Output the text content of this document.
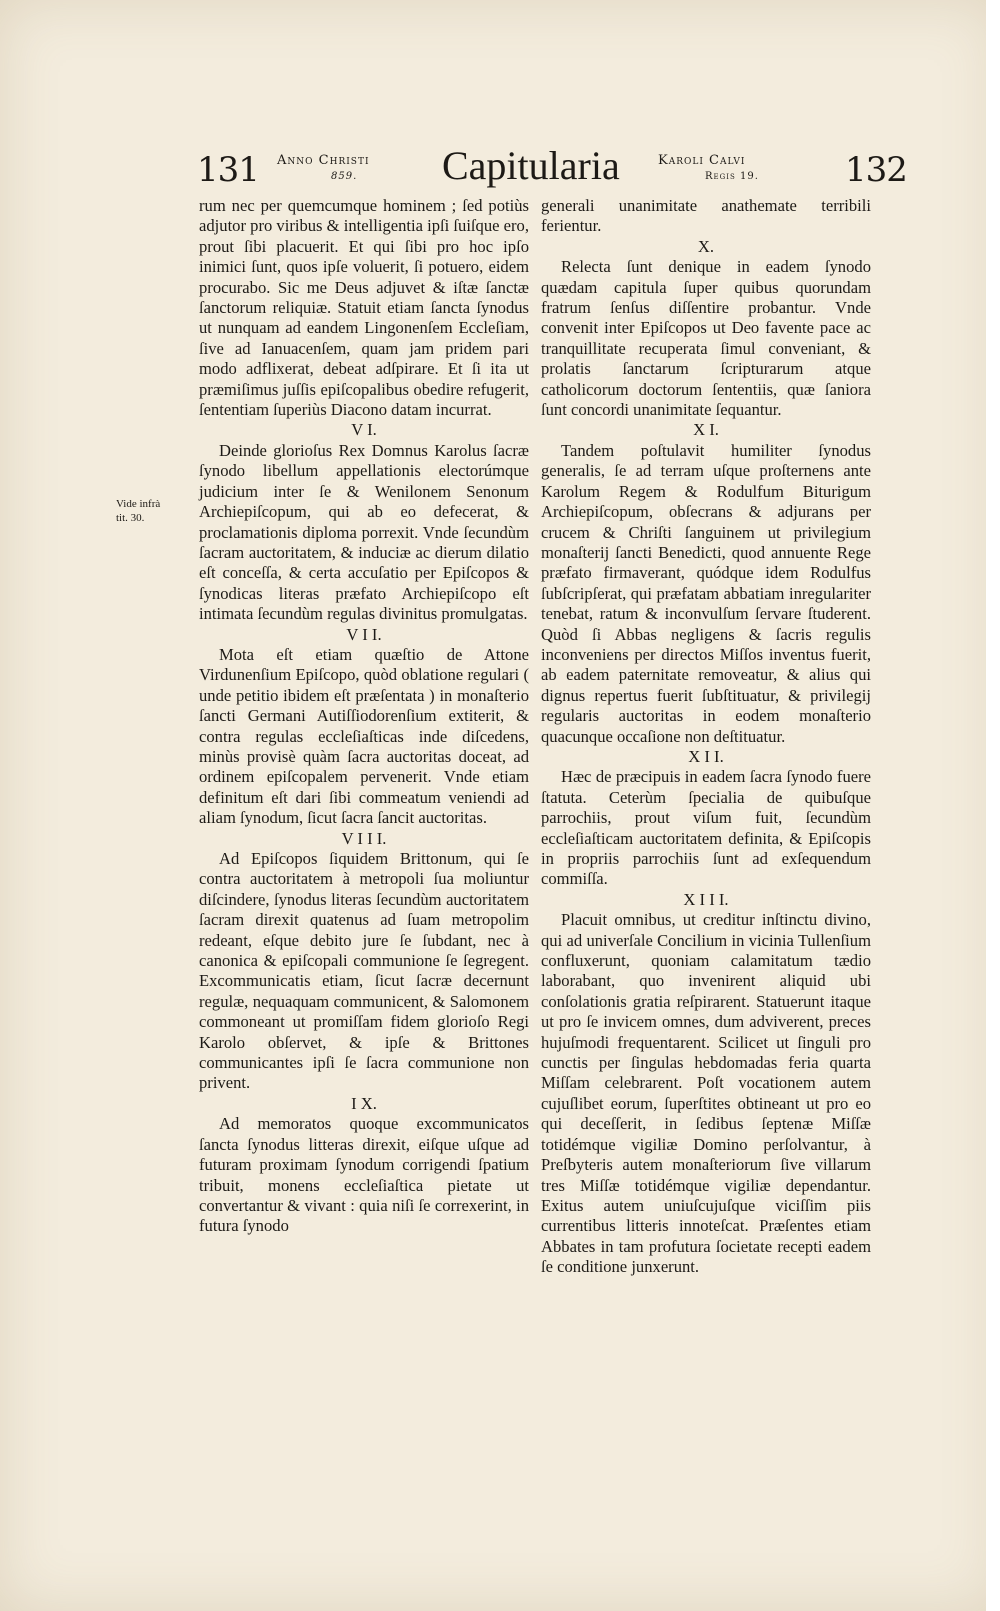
131 Anno Christi
859. Capitularia	Karoli Calvi
Regis 19.	132
Vide infrà
tit. 30.

rum nec per quemcumque hominem ; ſed potiùs adjutor pro viribus & intelligentia ipſi ſuiſque ero, prout ſibi placuerit. Et qui ſibi pro hoc ipſo inimici ſunt, quos ipſe voluerit, ſi potuero, eidem procurabo. Sic me Deus adjuvet & iſtæ ſanctæ ſanctorum reliquiæ. Statuit etiam ſancta ſynodus ut nunquam ad eandem Lingonenſem Eccleſiam, ſive ad Ianuacenſem, quam jam pridem pari modo adflixerat, debeat adſpirare. Et ſi ita ut præmiſimus juſſis epiſcopalibus obedire refugerit, ſententiam ſuperiùs Diacono datam incurrat.

V I.

Deinde glorioſus Rex Domnus Karolus ſacræ ſynodo libellum appellationis electorúmque judicium inter ſe & Wenilonem Senonum Archiepiſcopum, qui ab eo defecerat, & proclamationis diploma porrexit. Vnde ſecundùm ſacram auctoritatem, & induciæ ac dierum dilatio eſt conceſſa, & certa accuſatio per Epiſcopos & ſynodicas literas præfato Archiepiſcopo eſt intimata ſecundùm regulas divinitus promulgatas.

V I I.

Mota eſt etiam quæſtio de Attone Virdunenſium Epiſcopo, quòd oblatione regulari ( unde petitio ibidem eſt præſentata ) in monaſterio ſancti Germani Autiſſiodorenſium extiterit, & contra regulas eccleſiaſticas inde diſcedens, minùs provisè quàm ſacra auctoritas doceat, ad ordinem epiſcopalem pervenerit. Vnde etiam definitum eſt dari ſibi commeatum veniendi ad aliam ſynodum, ſicut ſacra ſancit auctoritas.

V I I I.

Ad Epiſcopos ſiquidem Brittonum, qui ſe contra auctoritatem à metropoli ſua moliuntur diſcindere, ſynodus literas ſecundùm auctoritatem ſacram direxit quatenus ad ſuam metropolim redeant, eſque debito jure ſe ſubdant, nec à canonica & epiſcopali communione ſe ſegregent. Excommunicatis etiam, ſicut ſacræ decernunt regulæ, nequaquam communicent, & Salomonem commoneant ut promiſſam fidem glorioſo Regi Karolo obſervet, & ipſe & Brittones communicantes ipſi ſe ſacra communione non privent.

I X.

Ad memoratos quoque excommunicatos ſancta ſynodus litteras direxit, eiſque uſque ad futuram proximam ſynodum corrigendi ſpatium tribuit, monens eccleſiaſtica pietate ut convertantur & vivant : quia niſi ſe correxerint, in futura ſynodo

generali unanimitate anathemate terribili ferientur.

X.

Relecta ſunt denique in eadem ſynodo quædam capitula ſuper quibus quorundam fratrum ſenſus diſſentire probantur. Vnde convenit inter Epiſcopos ut Deo favente pace ac tranquillitate recuperata ſimul conveniant, & prolatis ſanctarum ſcripturarum atque catholicorum doctorum ſententiis, quæ ſaniora ſunt concordi unanimitate ſequantur.

X I.

Tandem poſtulavit humiliter ſynodus generalis, ſe ad terram uſque proſternens ante Karolum Regem & Rodulfum Biturigum Archiepiſcopum, obſecrans & adjurans per crucem & Chriſti ſanguinem ut privilegium monaſterij ſancti Benedicti, quod annuente Rege præfato firmaverant, quódque idem Rodulfus ſubſcripſerat, qui præfatam abbatiam inregulariter tenebat, ratum & inconvulſum ſervare ſtuderent. Quòd ſi Abbas negligens & ſacris regulis inconveniens per directos Miſſos inventus fuerit, ab eadem paternitate removeatur, & alius qui dignus repertus fuerit ſubſtituatur, & privilegij regularis auctoritas in eodem monaſterio quacunque occaſione non deſtituatur.

X I I.

Hæc de præcipuis in eadem ſacra ſynodo fuere ſtatuta. Ceterùm ſpecialia de quibuſque parrochiis, prout viſum fuit, ſecundùm eccleſiaſticam auctoritatem definita, & Epiſcopis in propriis parrochiis ſunt ad exſequendum commiſſa.

X I I I.

Placuit omnibus, ut creditur inſtinctu divino, qui ad univerſale Concilium in vicinia Tullenſium confluxerunt, quoniam calamitatum tædio laborabant, quo invenirent aliquid ubi conſolationis gratia reſpirarent. Statuerunt itaque ut pro ſe invicem omnes, dum adviverent, preces hujuſmodi frequentarent. Scilicet ut ſinguli pro cunctis per ſingulas hebdomadas feria quarta Miſſam celebrarent. Poſt vocationem autem cujuſlibet eorum, ſuperſtites obtineant ut pro eo qui deceſſerit, in ſedibus ſeptenæ Miſſæ totidémque vigiliæ Domino perſolvantur, à Preſbyteris autem monaſteriorum ſive villarum tres Miſſæ totidémque vigiliæ dependantur. Exitus autem uniuſcujuſque viciſſim piis currentibus litteris innoteſcat. Præſentes etiam Abbates in tam profutura ſocietate recepti eadem ſe conditione junxerunt.
